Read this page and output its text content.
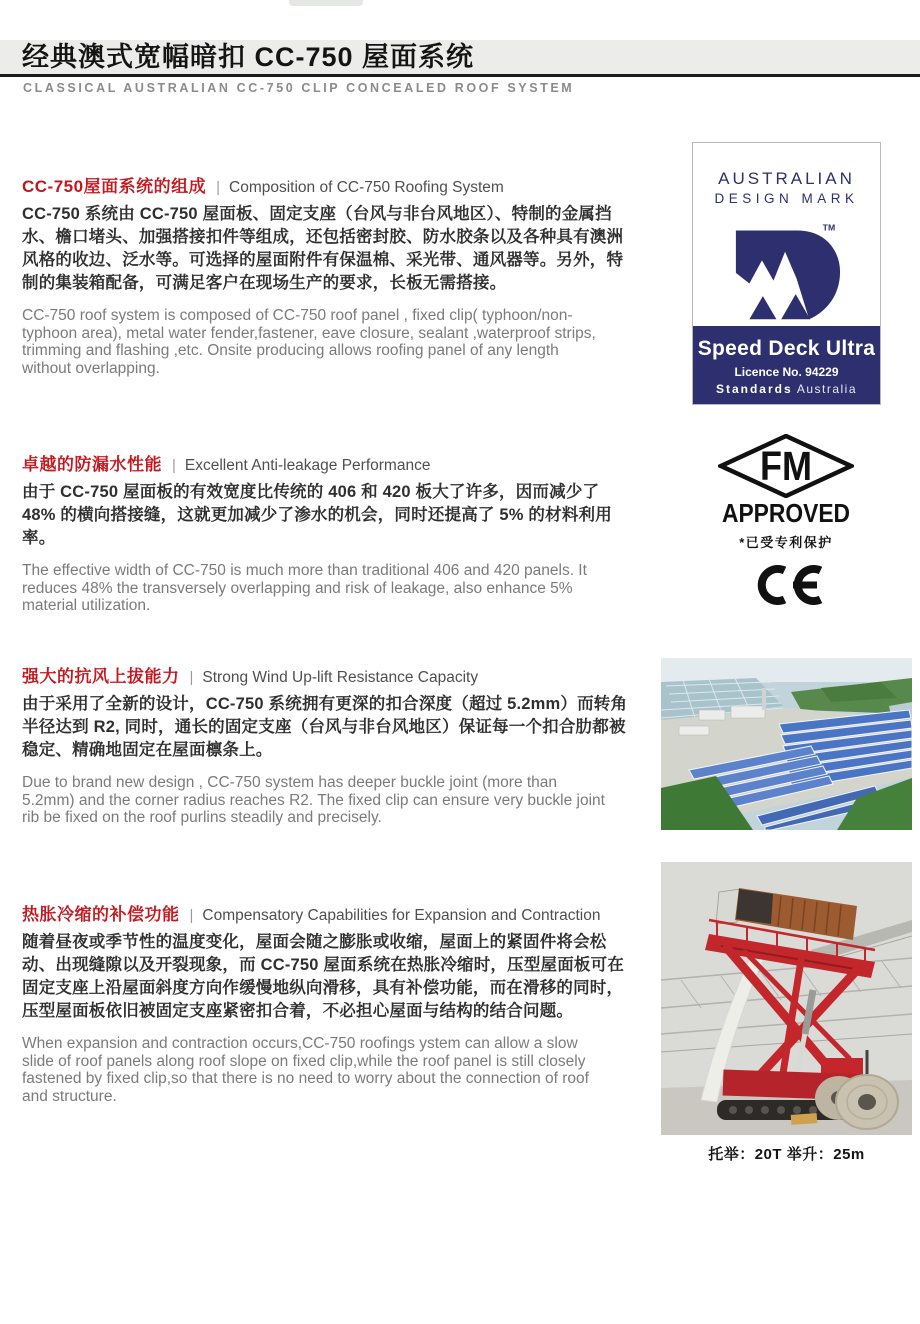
经典澳式宽幅暗扣 CC-750 屋面系统
CLASSICAL AUSTRALIAN CC-750 CLIP CONCEALED ROOF SYSTEM
CC-750屋面系统的组成 | Composition of CC-750 Roofing System

CC-750 系统由 CC-750 屋面板、固定支座（台风与非台风地区）、特制的金属挡水、檐口堵头、加强搭接扣件等组成，还包括密封胶、防水胶条以及各种具有澳洲风格的收边、泛水等。可选择的屋面附件有保温棉、采光带、通风器等。另外，特制的集装箱配备，可满足客户在现场生产的要求，长板无需搭接。

CC-750 roof system is composed of CC-750 roof panel , fixed clip( typhoon/non-typhoon area), metal water fender,fastener, eave closure, sealant ,waterproof strips, trimming and flashing ,etc. Onsite producing allows roofing panel of any length without overlapping.

卓越的防漏水性能 | Excellent Anti-leakage Performance

由于 CC-750 屋面板的有效宽度比传统的 406 和 420 板大了许多，因而减少了 48% 的横向搭接缝，这就更加减少了渗水的机会，同时还提高了 5% 的材料利用率。

The effective width of CC-750 is much more than traditional 406 and 420 panels. It reduces 48% the transversely overlapping and risk of leakage, also enhance 5% material utilization.

强大的抗风上拔能力 | Strong Wind Up-lift Resistance Capacity

由于采用了全新的设计，CC-750 系统拥有更深的扣合深度（超过 5.2mm）而转角半径达到 R2, 同时，通长的固定支座（台风与非台风地区）保证每一个扣合肋都被稳定、精确地固定在屋面檩条上。

Due to brand new design , CC-750 system has deeper buckle joint (more than 5.2mm) and the corner radius reaches R2. The fixed clip can ensure very buckle joint rib be fixed on the roof purlins steadily and precisely.

热胀冷缩的补偿功能 | Compensatory Capabilities for Expansion and Contraction

随着昼夜或季节性的温度变化，屋面会随之膨胀或收缩，屋面上的紧固件将会松动、出现缝隙以及开裂现象，而 CC-750 屋面系统在热胀冷缩时，压型屋面板可在固定支座上沿屋面斜度方向作缓慢地纵向滑移，具有补偿功能，而在滑移的同时，压型屋面板依旧被固定支座紧密扣合着，不必担心屋面与结构的结合问题。

When expansion and contraction occurs,CC-750 roofings ystem can allow a slow slide of roof panels along roof slope on fixed clip,while the roof panel is still closely fastened by fixed clip,so that there is no need to worry about the connection of roof and structure.

AUSTRALIAN
DESIGN MARK
TM
Speed Deck Ultra
Licence No. 94229
Standards Australia
FM
APPROVED
*已受专利保护
托举：20T 举升：25m
